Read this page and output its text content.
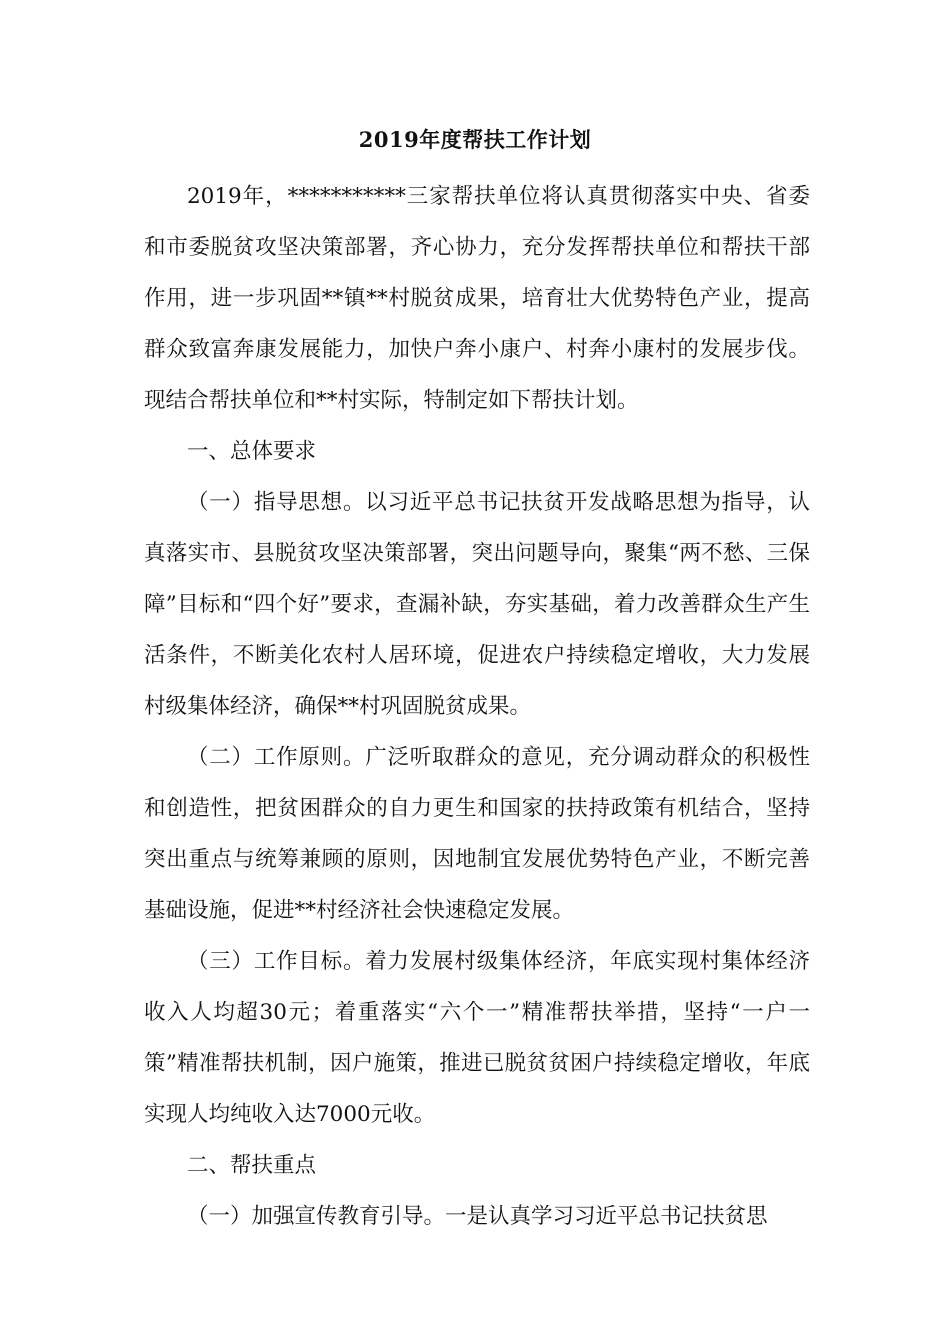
2019年度帮扶工作计划

2019年，***********三家帮扶单位将认真贯彻落实中央、省委和市委脱贫攻坚决策部署，齐心协力，充分发挥帮扶单位和帮扶干部作用，进一步巩固**镇**村脱贫成果，培育壮大优势特色产业，提高群众致富奔康发展能力，加快户奔小康户、村奔小康村的发展步伐。现结合帮扶单位和**村实际，特制定如下帮扶计划。

一、总体要求

（一）指导思想。以习近平总书记扶贫开发战略思想为指导，认真落实市、县脱贫攻坚决策部署，突出问题导向，聚集“两不愁、三保障”目标和“四个好”要求，查漏补缺，夯实基础，着力改善群众生产生活条件，不断美化农村人居环境，促进农户持续稳定增收，大力发展村级集体经济，确保**村巩固脱贫成果。

（二）工作原则。广泛听取群众的意见，充分调动群众的积极性和创造性，把贫困群众的自力更生和国家的扶持政策有机结合，坚持突出重点与统筹兼顾的原则，因地制宜发展优势特色产业，不断完善基础设施，促进**村经济社会快速稳定发展。

（三）工作目标。着力发展村级集体经济，年底实现村集体经济收入人均超30元；着重落实“六个一”精准帮扶举措，坚持“一户一策”精准帮扶机制，因户施策，推进已脱贫贫困户持续稳定增收，年底实现人均纯收入达7000元收。

二、帮扶重点

（一）加强宣传教育引导。一是认真学习习近平总书记扶贫思
